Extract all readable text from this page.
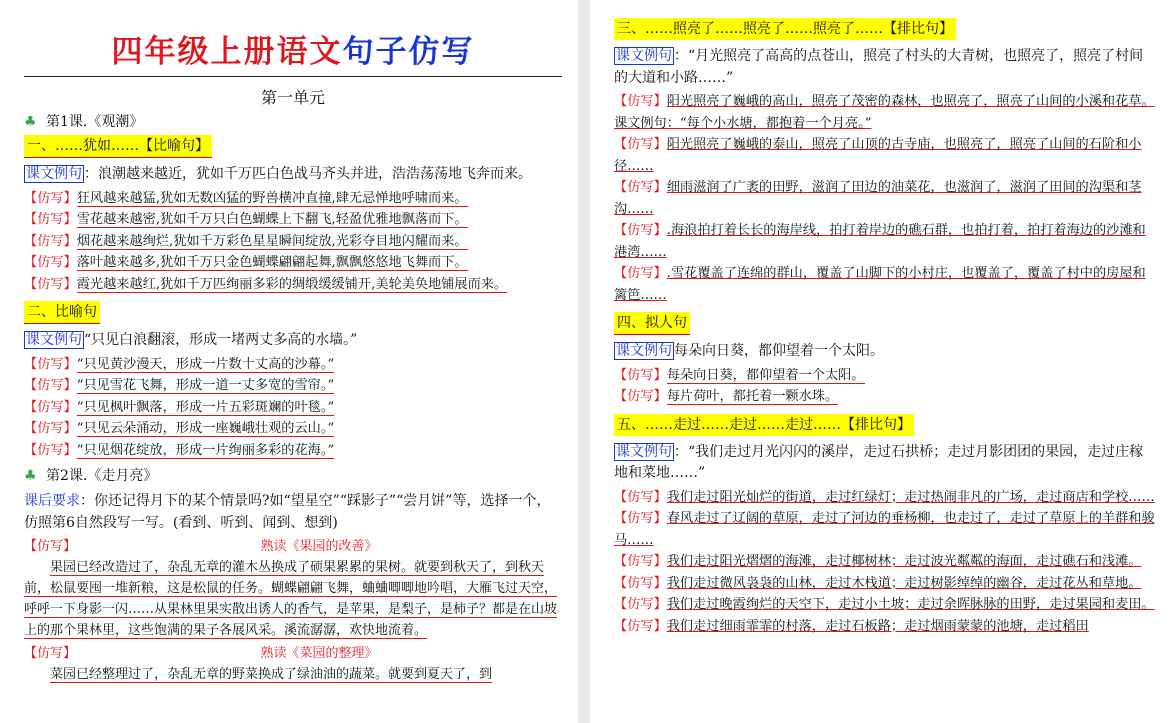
四年级上册语文句子仿写
第一单元
♣ 第1课.《观潮》
一、……犹如……【比喻句】
课文例句 ：浪潮越来越近，犹如千万匹白色战马齐头并进，浩浩荡荡地飞奔而来。
【仿写】狂风越来越猛,犹如无数凶猛的野兽横冲直撞,肆无忌惮地呼啸而来。
【仿写】雪花越来越密,犹如千万只白色蝴蝶上下翻飞,轻盈优雅地飘落而下。
【仿写】烟花越来越绚烂,犹如千万彩色星星瞬间绽放,光彩夺目地闪耀而来。
【仿写】落叶越来越多,犹如千万只金色蝴蝶翩翩起舞,飘飘悠悠地飞舞而下。
【仿写】霞光越来越红,犹如千万匹绚丽多彩的绸缎缓缓铺开,美轮美奂地铺展而来。
二、比喻句
课文例句 “只见白浪翻滚，形成一堵两丈多高的水墙。”
【仿写】“只见黄沙漫天，形成一片数十丈高的沙幕。”
【仿写】“只见雪花飞舞，形成一道一丈多宽的雪帘。”
【仿写】“只见枫叶飘落，形成一片五彩斑斓的叶毯。”
【仿写】“只见云朵涌动，形成一座巍峨壮观的云山。”
【仿写】“只见烟花绽放，形成一片绚丽多彩的花海。”
♣ 第2课.《走月亮》
课后要求：你还记得月下的某个情景吗?如“望星空”“踩影子”“尝月饼”等，选择一个，仿照第6自然段写一写。(看到、听到、闻到、想到)
【仿写】	熟读《果园的改善》
果园已经改造过了，杂乱无章的灌木丛换成了硕果累累的果树。就要到秋天了，到秋天前，松鼠要囤一堆新粮，这是松鼠的任务。蝴蝶翩翩飞舞，蛐蛐唧唧地吟唱，大雁飞过天空，呼呼一下身影一闪……从果林里果实散出诱人的香气，是苹果，是梨子，是柿子？都是在山坡上的那个果林里，这些饱满的果子各展风采。溪流潺潺，欢快地流着。
【仿写】	熟读《菜园的整理》
菜园已经整理过了，杂乱无章的野菜换成了绿油油的蔬菜。就要到夏天了，到
三、……照亮了……照亮了……照亮了……【排比句】
课文例句 ：“月光照亮了高高的点苍山，照亮了村头的大青树，也照亮了，照亮了村间的大道和小路……”
【仿写】阳光照亮了巍峨的高山，照亮了茂密的森林，也照亮了，照亮了山间的小溪和花草。课文例句：“每个小水塘，都抱着一个月亮。”
【仿写】阳光照亮了巍峨的泰山，照亮了山顶的古寺庙，也照亮了，照亮了山间的石阶和小径……
【仿写】细雨滋润了广袤的田野，滋润了田边的油菜花，也滋润了，滋润了田间的沟渠和茎沟……
【仿写】.海浪拍打着长长的海岸线，拍打着岸边的礁石群，也拍打着，拍打着海边的沙滩和港湾……
【仿写】.雪花覆盖了连绵的群山，覆盖了山脚下的小村庄，也覆盖了，覆盖了村中的房屋和篱笆……
四、拟人句
课文例句 每朵向日葵，都仰望着一个太阳。
【仿写】每朵向日葵，都仰望着一个太阳。
【仿写】每片荷叶，都托着一颗水珠。
五、……走过……走过……走过……【排比句】
课文例句 ：“我们走过月光闪闪的溪岸，走过石拱桥；走过月影团团的果园，走过庄稼地和菜地……”
【仿写】我们走过阳光灿烂的街道，走过红绿灯；走过热闹非凡的广场，走过商店和学校……
【仿写】春风走过了辽阔的草原，走过了河边的垂杨柳，也走过了，走过了草原上的羊群和骏马……
【仿写】我们走过阳光熠熠的海滩，走过椰树林；走过波光粼粼的海面，走过礁石和浅滩。
【仿写】我们走过微风袅袅的山林，走过木栈道；走过树影绰绰的幽谷，走过花丛和草地。
【仿写】我们走过晚霞绚烂的天空下，走过小土坡；走过余晖脉脉的田野，走过果园和麦田。
【仿写】我们走过细雨霏霏的村落，走过石板路；走过烟雨蒙蒙的池塘，走过稻田
